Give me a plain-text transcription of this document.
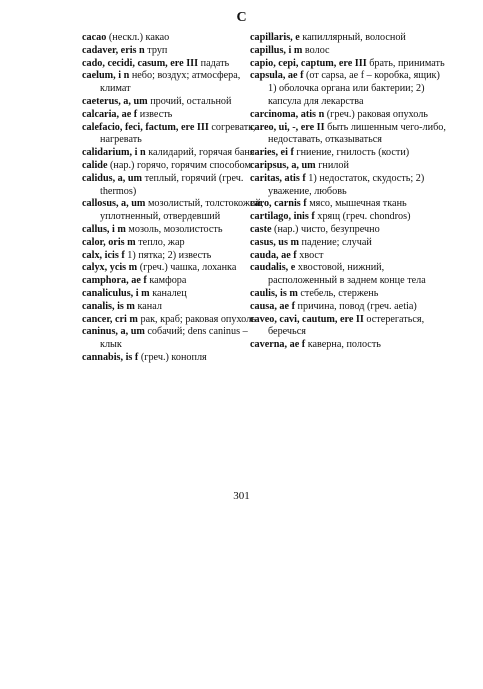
C

cacao (нескл.) какао

cadaver, eris n труп

cado, cecidi, casum, ere III падать

caelum, i n небо; воздух; атмосфера, климат

caeterus, a, um прочий, остальной

calcaria, ae f известь

calefacio, feci, factum, ere III согревать, нагревать

calidarium, i n калидарий, горячая баня

calide (нар.) горячо, горячим способом

calidus, a, um теплый, горячий (греч. thermos)

callosus, a, um мозолистый, толстокожий, уплотненный, отвердевший

callus, i m мозоль, мозолистость

calor, oris m тепло, жар

calx, icis f 1) пятка; 2) известь

calyx, ycis m (греч.) чашка, лоханка

camphora, ae f камфора

canaliculus, i m каналец

canalis, is m канал

cancer, cri m рак, краб; раковая опухоль

caninus, a, um собачий; dens caninus – клык

cannabis, is f (греч.) конопля

capillaris, e капиллярный, волосной

capillus, i m волос

capio, cepi, captum, ere III брать, принимать

capsula, ae f (от capsa, ae f – коробка, ящик) 1) оболочка органа или бактерии; 2) капсула для лекарства

carcinoma, atis n (греч.) раковая опухоль

careo, ui, -, ere II быть лишенным чего-либо, недоставать, отказываться

caries, ei f гниение, гнилость (кости)

caripsus, a, um гнилой

caritas, atis f 1) недостаток, скудость; 2) уважение, любовь

caro, carnis f мясо, мышечная ткань

cartilago, inis f хрящ (греч. chondros)

caste (нар.) чисто, безупречно

casus, us m падение; случай

cauda, ae f хвост

caudalis, e хвостовой, нижний, расположенный в заднем конце тела

caulis, is m стебель, стержень

causa, ae f причина, повод (греч. aetia)

caveo, cavi, cautum, ere II остерегаться, беречься

caverna, ae f каверна, полость

301
